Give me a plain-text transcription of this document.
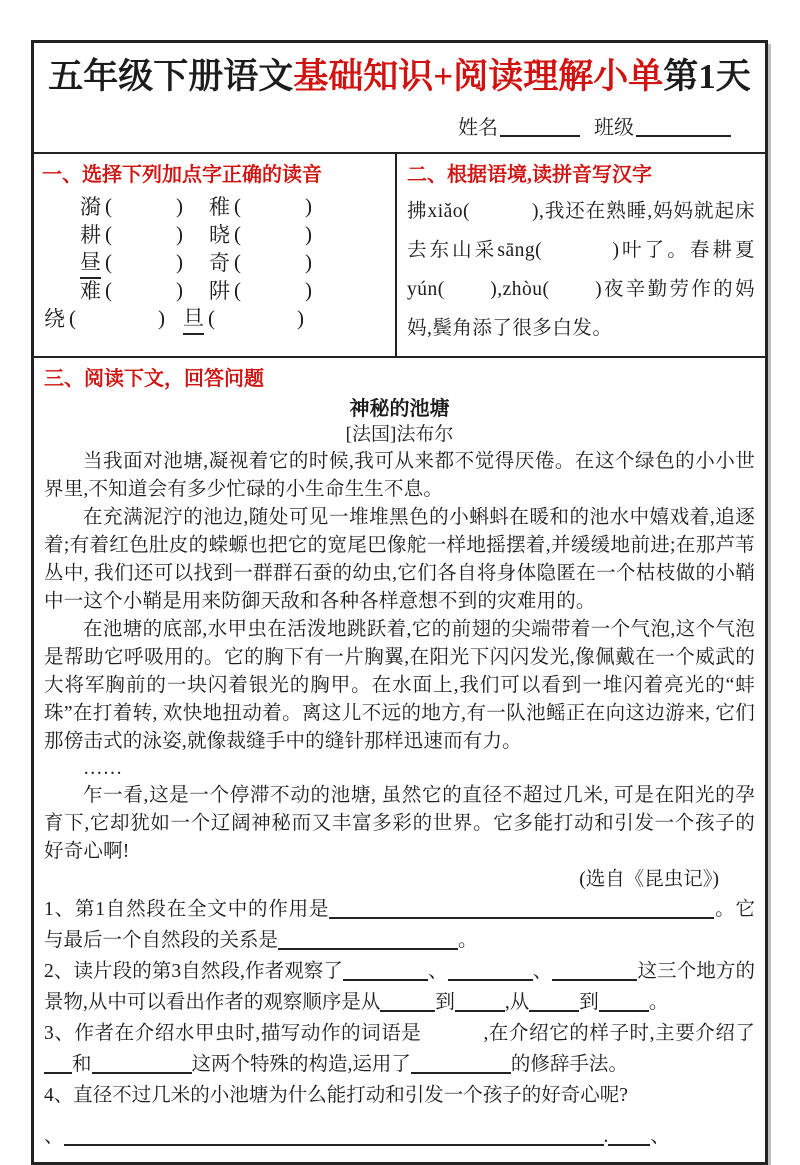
五年级下册语文基础知识+阅读理解小单第1天
姓名	班级
一、选择下列加点字正确的读音
漪 (	) 稚 (	)
耕 (	) 晓 (	)
昼 (	) 奇 (	)
难 (	) 阱 (	)
绕 (	) 旦 (	)
二、根据语境,读拼音写汉字
拂xiǎo(　　　),我还在熟睡,妈妈就起床去东山采sāng(　　　)叶了。春耕夏yún(　　),zhòu(　　)夜辛勤劳作的妈妈,鬓角添了很多白发。
三、阅读下文，回答问题
神秘的池塘
[法国]法布尔

当我面对池塘,凝视着它的时候,我可从来都不觉得厌倦。在这个绿色的小小世界里,不知道会有多少忙碌的小生命生生不息。

在充满泥泞的池边,随处可见一堆堆黑色的小蝌蚪在暖和的池水中嬉戏着,追逐着;有着红色肚皮的蝾螈也把它的宽尾巴像舵一样地摇摆着,并缓缓地前进;在那芦苇丛中, 我们还可以找到一群群石蚕的幼虫,它们各自将身体隐匿在一个枯枝做的小鞘中一这个小鞘是用来防御天敌和各种各样意想不到的灾难用的。

在池塘的底部,水甲虫在活泼地跳跃着,它的前翅的尖端带着一个气泡,这个气泡是帮助它呼吸用的。它的胸下有一片胸翼,在阳光下闪闪发光,像佩戴在一个威武的大将军胸前的一块闪着银光的胸甲。在水面上,我们可以看到一堆闪着亮光的“蚌珠”在打着转, 欢快地扭动着。离这儿不远的地方,有一队池鳐正在向这边游来, 它们那傍击式的泳姿,就像裁缝手中的缝针那样迅速而有力。

……

乍一看,这是一个停滞不动的池塘, 虽然它的直径不超过几米, 可是在阳光的孕育下,它却犹如一个辽阔神秘而又丰富多彩的世界。它多能打动和引发一个孩子的好奇心啊!

(选自《昆虫记》)
1、第1自然段在全文中的作用是	。它与最后一个自然段的关系是	。
2、读片段的第3自然段,作者观察了	、	、	这三个地方的景物,从中可以看出作者的观察顺序是从	到	,从	到	。
3、作者在介绍水甲虫时,描写动作的词语是	,在介绍它的样子时,主要介绍了和	这两个特殊的构造,运用了	的修辞手法。
4、直径不过几米的小池塘为什么能打动和引发一个孩子的好奇心呢?
、	. 、
